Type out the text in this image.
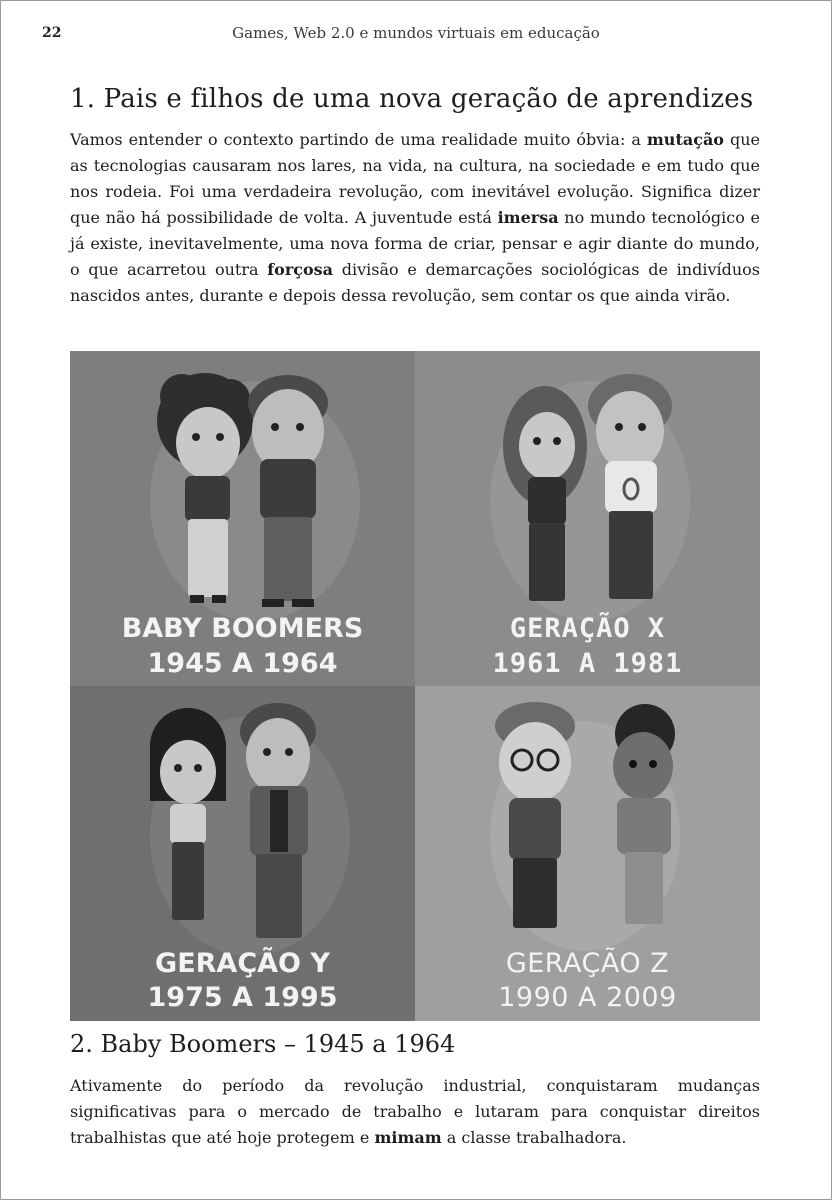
22	Games, Web 2.0 e mundos virtuais em educação
1. Pais e filhos de uma nova geração de aprendizes

Vamos entender o contexto partindo de uma realidade muito óbvia: a mutação que as tecnologias causaram nos lares, na vida, na cultura, na sociedade e em tudo que nos rodeia. Foi uma verdadeira revolução, com inevitável evolução. Significa dizer que não há possibilidade de volta. A juventude está imersa no mundo tecnológico e já existe, inevitavelmente, uma nova forma de criar, pensar e agir diante do mundo, o que acarretou outra forçosa divisão e demarcações sociológicas de indivíduos nascidos antes, durante e depois dessa revolução, sem contar os que ainda virão.

BABY BOOMERS
1945 A 1964
GERAÇÃO X
1961 A 1981
GERAÇÃO Y
1975 A 1995
GERAÇÃO Z
1990 A 2009
2. Baby Boomers – 1945 a 1964

Ativamente do período da revolução industrial, conquistaram mudanças significativas para o mercado de trabalho e lutaram para conquistar direitos trabalhistas que até hoje protegem e mimam a classe trabalhadora.
